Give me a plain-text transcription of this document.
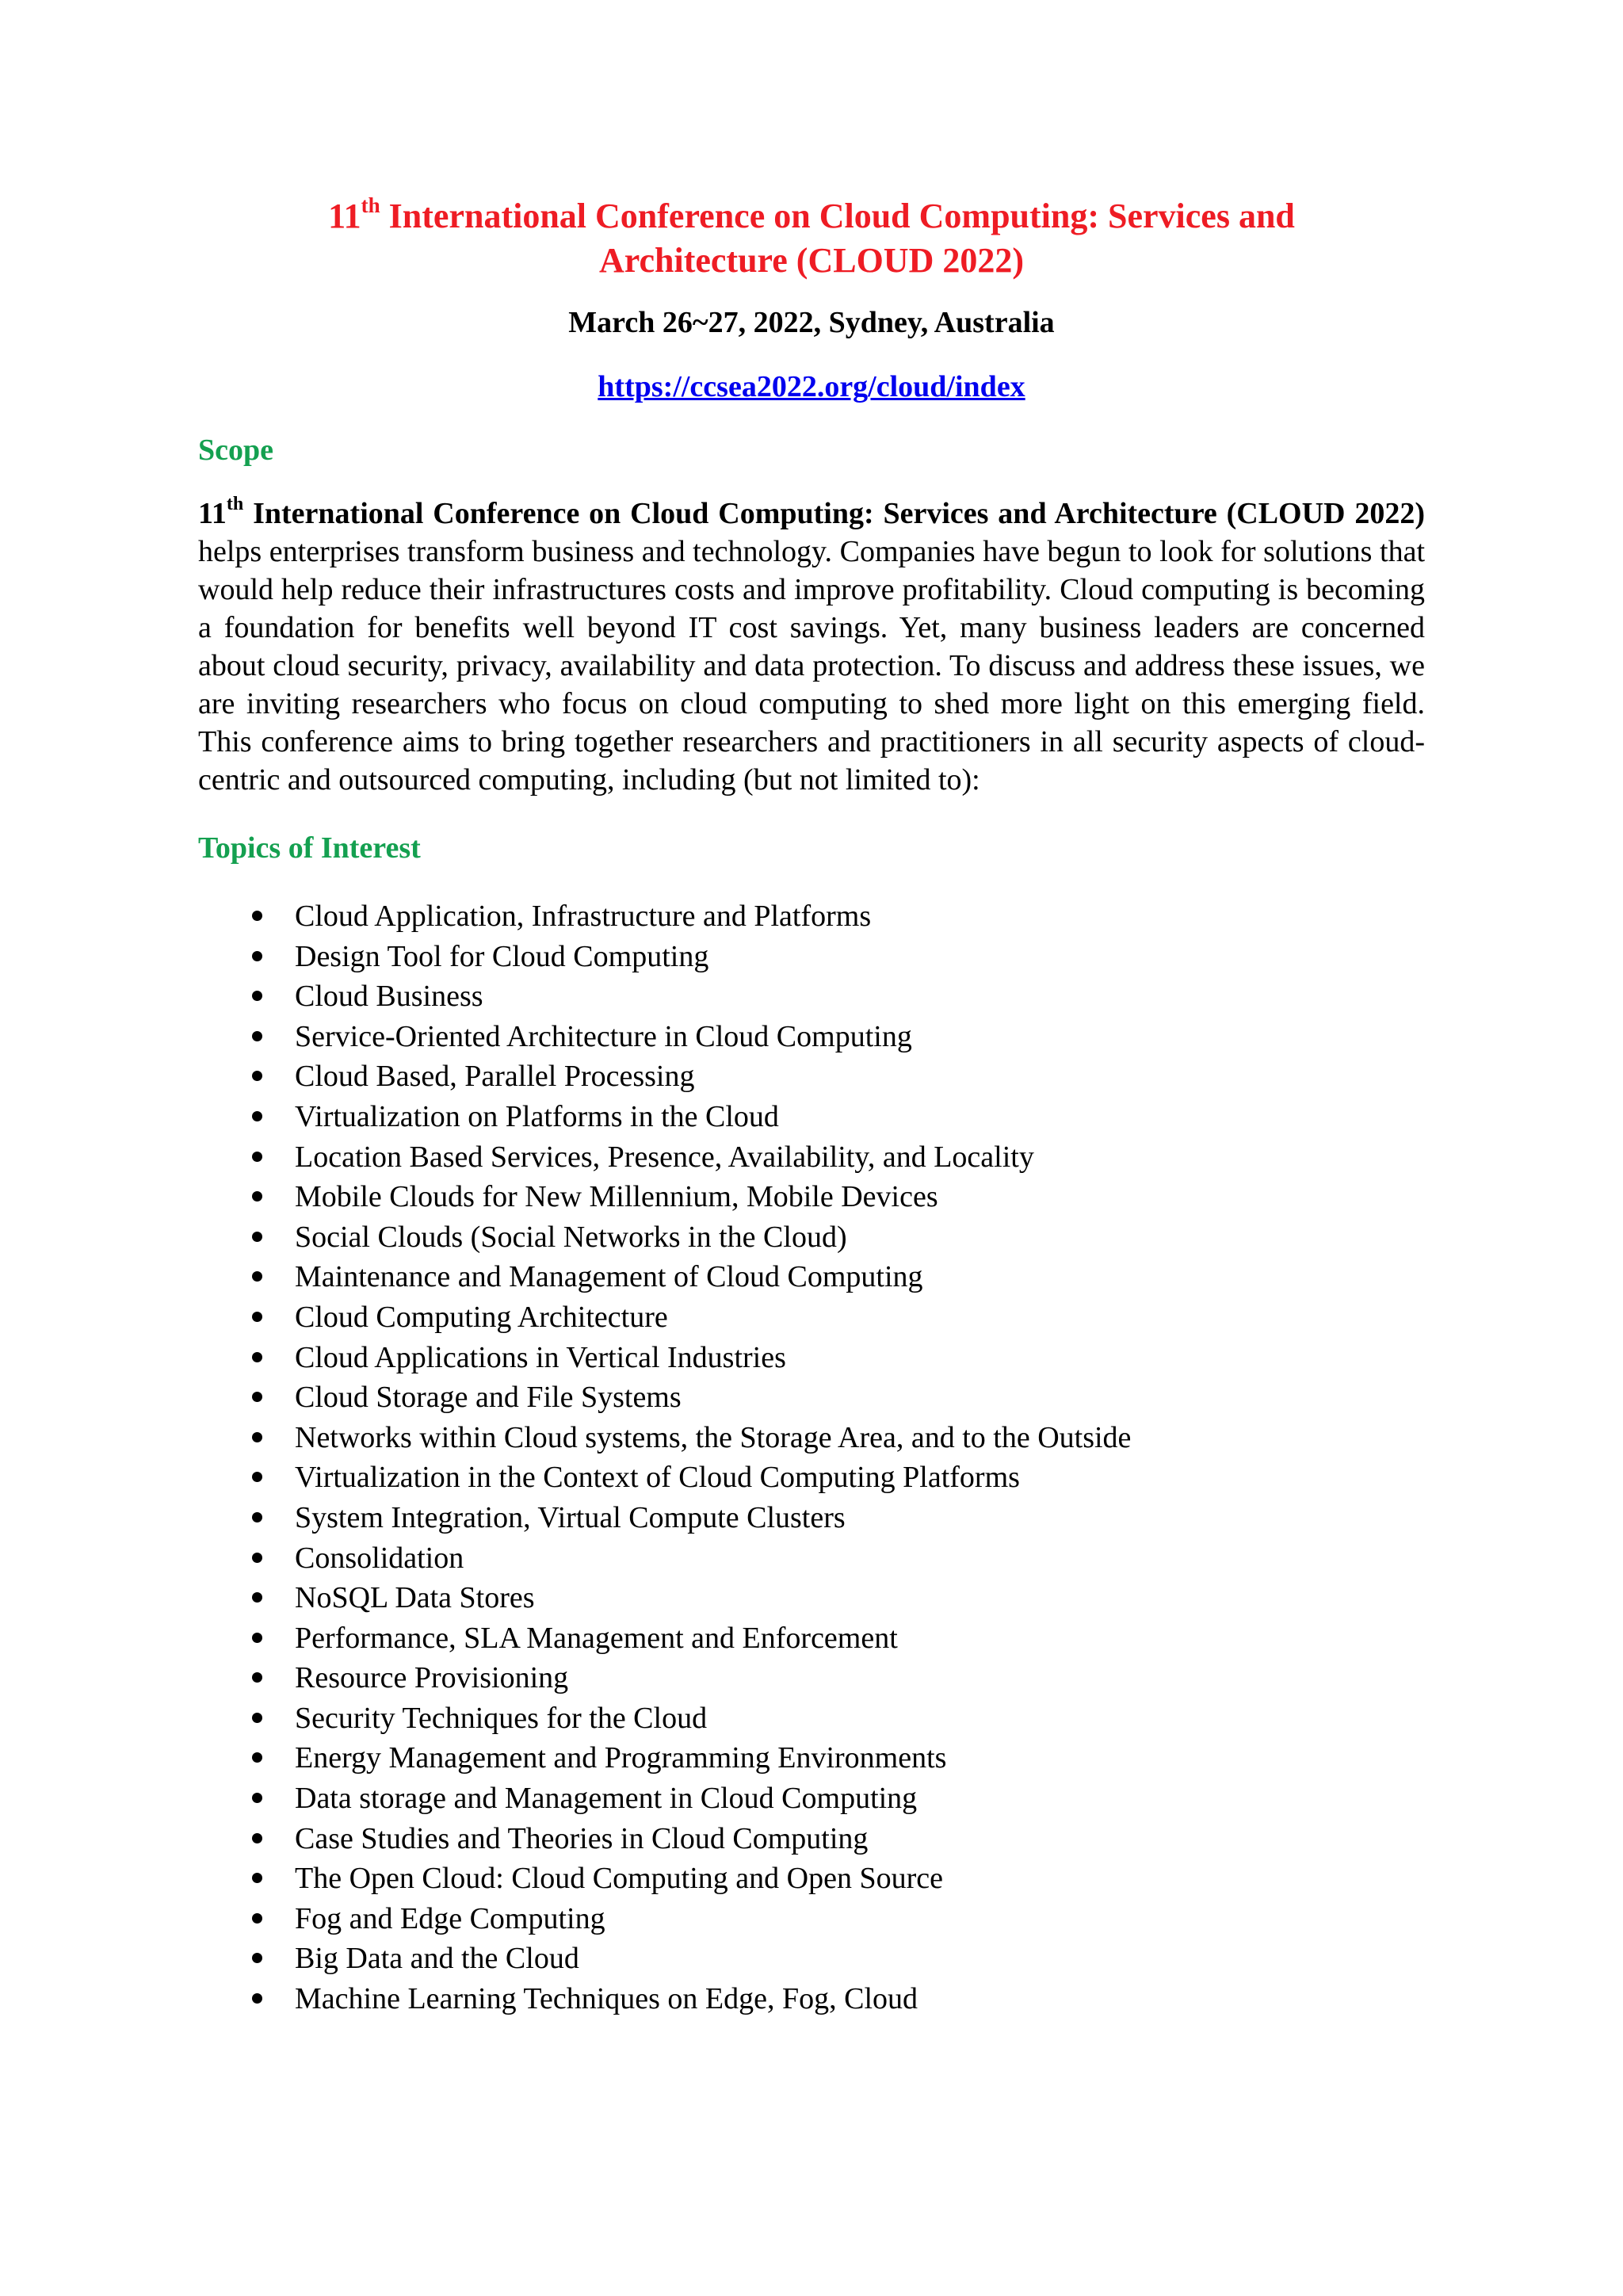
11th International Conference on Cloud Computing: Services and
Architecture (CLOUD 2022)
March 26~27, 2022, Sydney, Australia
https://ccsea2022.org/cloud/index
Scope

11th International Conference on Cloud Computing: Services and Architecture (CLOUD 2022) helps enterprises transform business and technology. Companies have begun to look for solutions that would help reduce their infrastructures costs and improve profitability. Cloud computing is becoming a foundation for benefits well beyond IT cost savings. Yet, many business leaders are concerned about cloud security, privacy, availability and data protection. To discuss and address these issues, we are inviting researchers who focus on cloud computing to shed more light on this emerging field. This conference aims to bring together researchers and practitioners in all security aspects of cloud-centric and outsourced computing, including (but not limited to):

Topics of Interest
Cloud Application, Infrastructure and Platforms
Design Tool for Cloud Computing
Cloud Business
Service-Oriented Architecture in Cloud Computing
Cloud Based, Parallel Processing
Virtualization on Platforms in the Cloud
Location Based Services, Presence, Availability, and Locality
Mobile Clouds for New Millennium, Mobile Devices
Social Clouds (Social Networks in the Cloud)
Maintenance and Management of Cloud Computing
Cloud Computing Architecture
Cloud Applications in Vertical Industries
Cloud Storage and File Systems
Networks within Cloud systems, the Storage Area, and to the Outside
Virtualization in the Context of Cloud Computing Platforms
System Integration, Virtual Compute Clusters
Consolidation
NoSQL Data Stores
Performance, SLA Management and Enforcement
Resource Provisioning
Security Techniques for the Cloud
Energy Management and Programming Environments
Data storage and Management in Cloud Computing
Case Studies and Theories in Cloud Computing
The Open Cloud: Cloud Computing and Open Source
Fog and Edge Computing
Big Data and the Cloud
Machine Learning Techniques on Edge, Fog, Cloud
